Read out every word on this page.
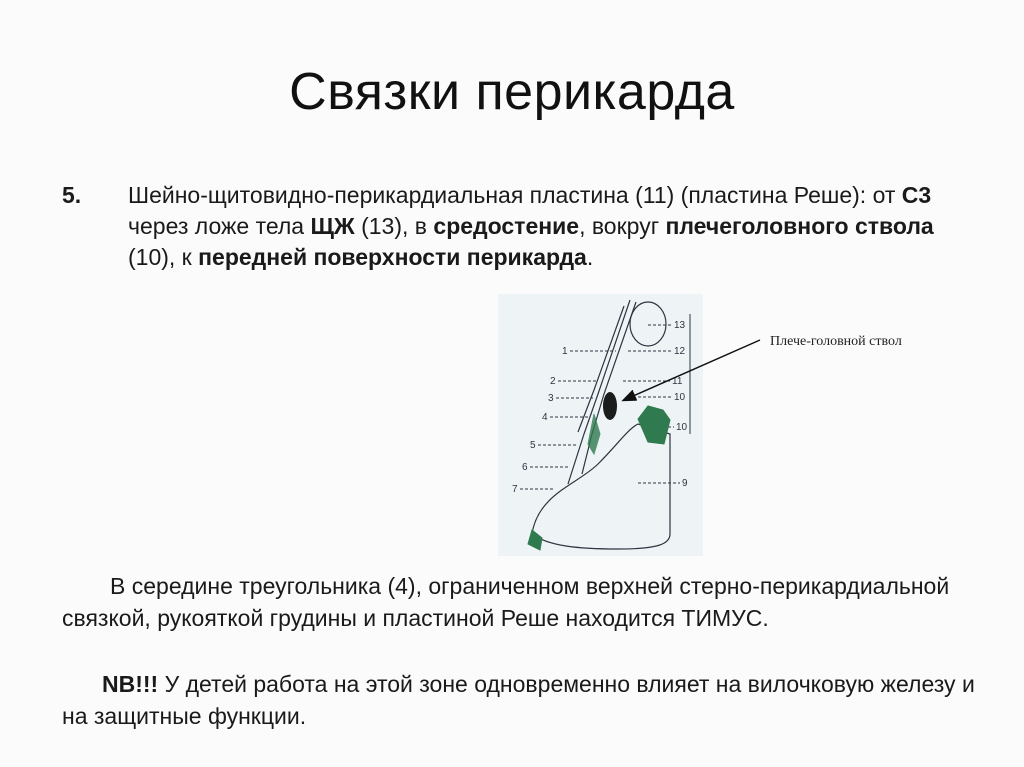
Связки перикарда
5. Шейно-щитовидно-перикардиальная пластина (11) (пластина Реше): от С3 через ложе тела ЩЖ (13), в средостение, вокруг плечеголовного ствола (10), к передней поверхности перикарда.
1
2
3
4
5
6
7
13
12
11
10
10
9
Плече-головной ствол
В середине треугольника (4), ограниченном верхней стерно-перикардиальной связкой, рукояткой грудины и пластиной Реше находится ТИМУС.
NB!!! У детей работа на этой зоне одновременно влияет на вилочковую железу и на защитные функции.
